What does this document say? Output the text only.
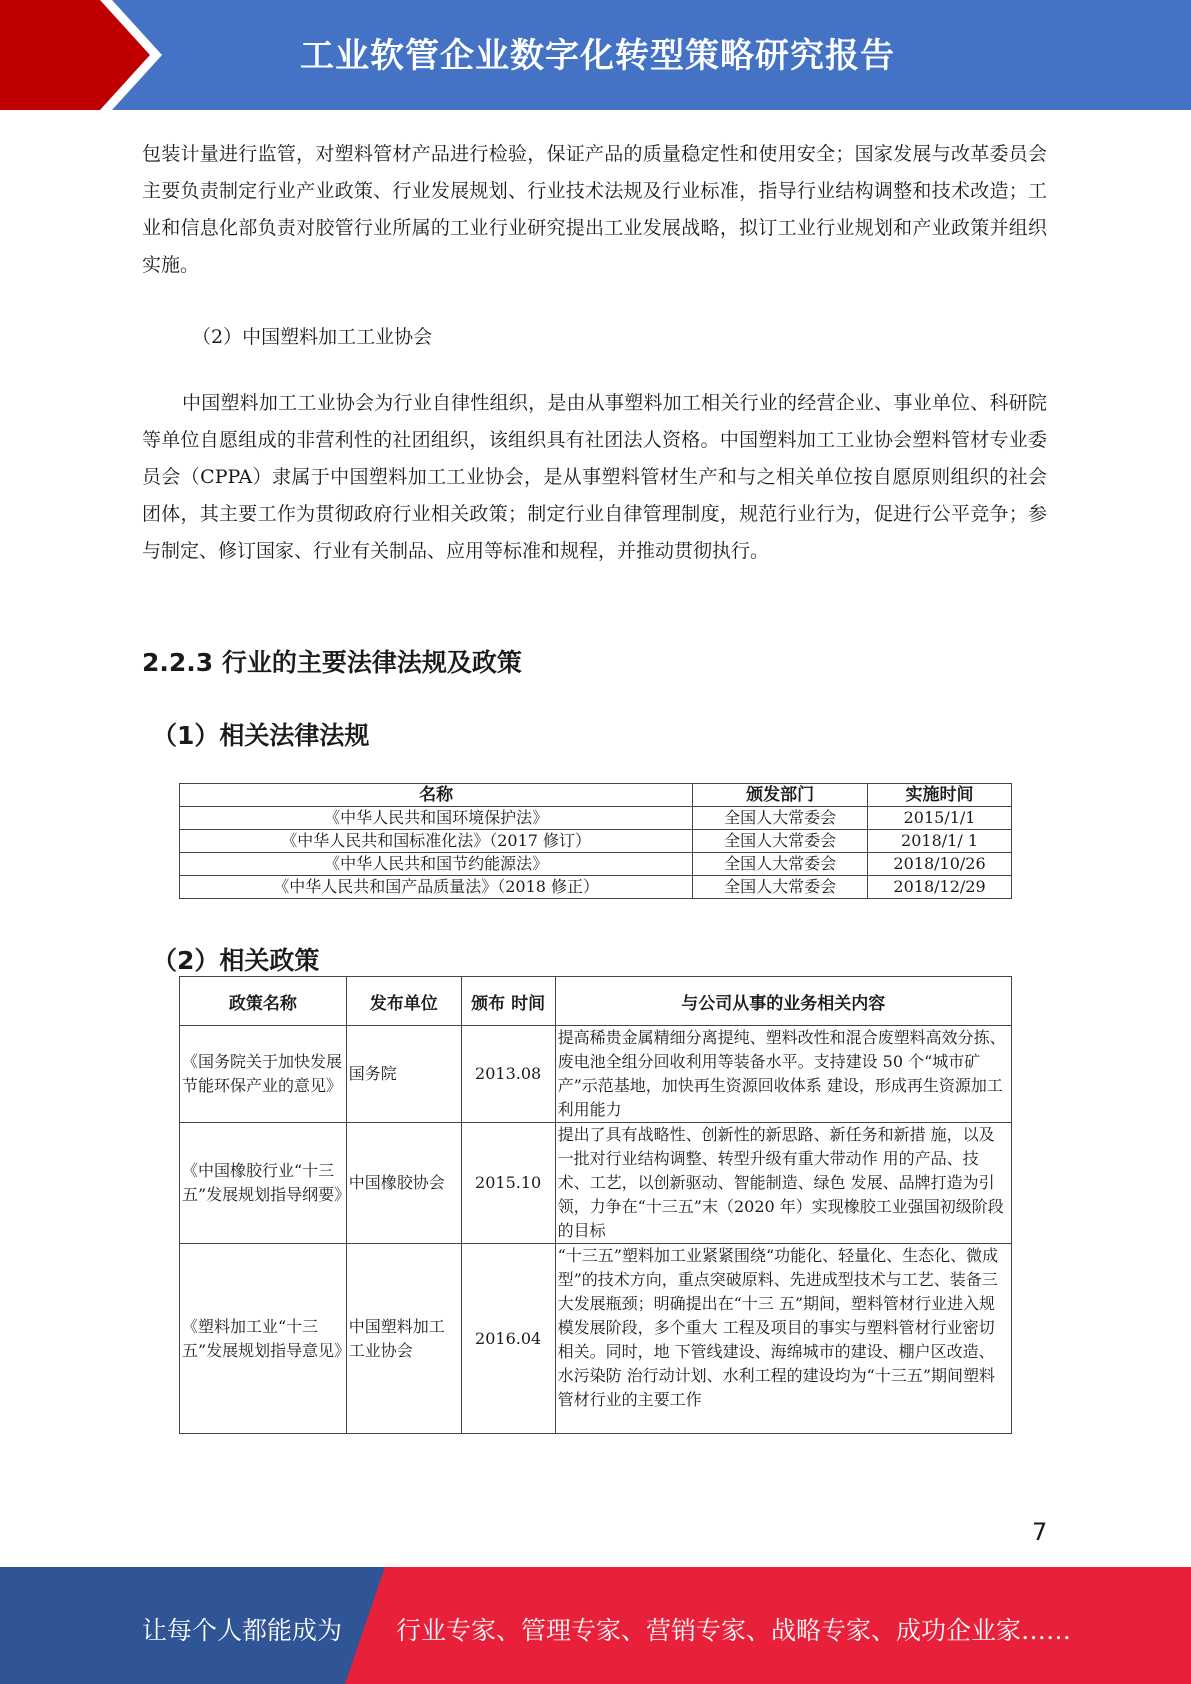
工业软管企业数字化转型策略研究报告

包装计量进行监管，对塑料管材产品进行检验，保证产品的质量稳定性和使用安全；国家发展与改革委员会主要负责制定行业产业政策、行业发展规划、行业技术法规及行业标准，指导行业结构调整和技术改造；工业和信息化部负责对胶管行业所属的工业行业研究提出工业发展战略，拟订工业行业规划和产业政策并组织实施。

（2）中国塑料加工工业协会

中国塑料加工工业协会为行业自律性组织，是由从事塑料加工相关行业的经营企业、事业单位、科研院等单位自愿组成的非营利性的社团组织，该组织具有社团法人资格。中国塑料加工工业协会塑料管材专业委员会（CPPA）隶属于中国塑料加工工业协会，是从事塑料管材生产和与之相关单位按自愿原则组织的社会团体，其主要工作为贯彻政府行业相关政策；制定行业自律管理制度，规范行业行为，促进行公平竞争；参与制定、修订国家、行业有关制品、应用等标准和规程，并推动贯彻执行。

2.2.3 行业的主要法律法规及政策
（1）相关法律法规
（2）相关政策
名称	颁发部门	实施时间
《中华人民共和国环境保护法》	全国人大常委会	2015/1/1
《中华人民共和国标准化法》（2017 修订）	全国人大常委会	2018/1/ 1
《中华人民共和国节约能源法》	全国人大常委会	2018/10/26
《中华人民共和国产品质量法》（2018 修正）	全国人大常委会	2018/12/29
政策名称	发布单位	颁布 时间	与公司从事的业务相关内容
《国务院关于加快发展节能环保产业的意见》	国务院	2013.08	提高稀贵金属精细分离提纯、塑料改性和混合废塑料高效分拣、废电池全组分回收利用等装备水平。支持建设 50 个“城市矿产”示范基地，加快再生资源回收体系 建设，形成再生资源加工利用能力
《中国橡胶行业“十三五”发展规划指导纲要》	中国橡胶协会	2015.10	提出了具有战略性、创新性的新思路、新任务和新措 施，以及一批对行业结构调整、转型升级有重大带动作 用的产品、技术、工艺，以创新驱动、智能制造、绿色 发展、品牌打造为引领，力争在“十三五”末（2020 年）实现橡胶工业强国初级阶段的目标
《塑料加工业“十三五”发展规划指导意见》	中国塑料加工工业协会	2016.04	“十三五”塑料加工业紧紧围绕“功能化、轻量化、生态化、微成型”的技术方向，重点突破原料、先进成型技术与工艺、装备三大发展瓶颈；明确提出在“十三 五”期间，塑料管材行业进入规模发展阶段，多个重大 工程及项目的事实与塑料管材行业密切相关。同时，地 下管线建设、海绵城市的建设、棚户区改造、水污染防 治行动计划、水利工程的建设均为“十三五”期间塑料 管材行业的主要工作
7
让每个人都能成为 行业专家、管理专家、营销专家、战略专家、成功企业家……
